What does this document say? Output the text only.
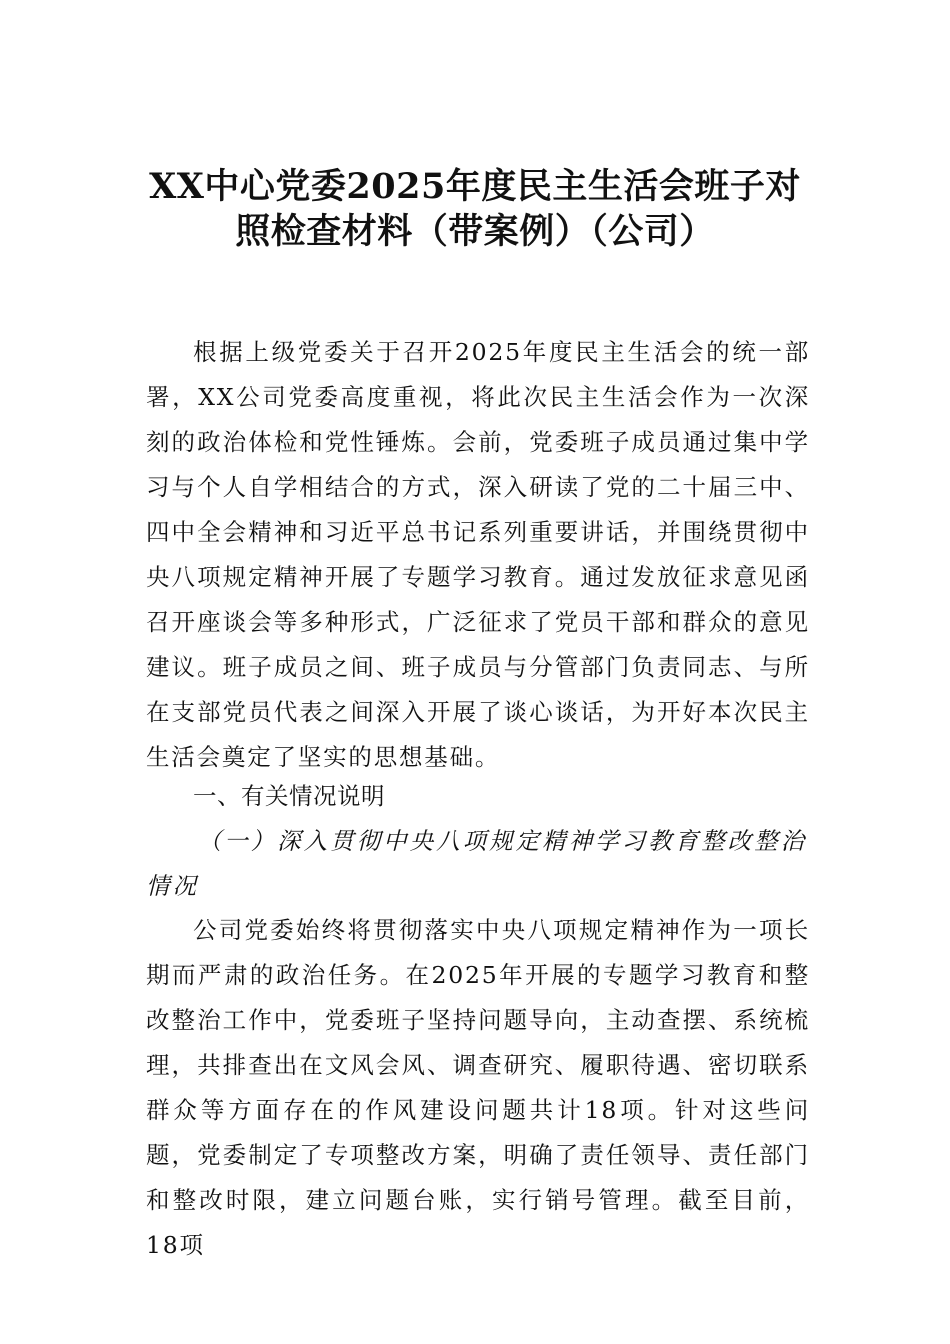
XX中心党委2025年度民主生活会班子对
照检查材料（带案例）（公司）
根据上级党委关于召开2025年度民主生活会的统一部署，XX公司党委高度重视，将此次民主生活会作为一次深刻的政治体检和党性锤炼。会前，党委班子成员通过集中学习与个人自学相结合的方式，深入研读了党的二十届三中、四中全会精神和习近平总书记系列重要讲话，并围绕贯彻中央八项规定精神开展了专题学习教育。通过发放征求意见函召开座谈会等多种形式，广泛征求了党员干部和群众的意见建议。班子成员之间、班子成员与分管部门负责同志、与所在支部党员代表之间深入开展了谈心谈话，为开好本次民主生活会奠定了坚实的思想基础。
一、有关情况说明
（一）深入贯彻中央八项规定精神学习教育整改整治情况
公司党委始终将贯彻落实中央八项规定精神作为一项长期而严肃的政治任务。在2025年开展的专题学习教育和整改整治工作中，党委班子坚持问题导向，主动查摆、系统梳理，共排查出在文风会风、调查研究、履职待遇、密切联系群众等方面存在的作风建设问题共计18项。针对这些问题，党委制定了专项整改方案，明确了责任领导、责任部门和整改时限，建立问题台账，实行销号管理。截至目前，18项
